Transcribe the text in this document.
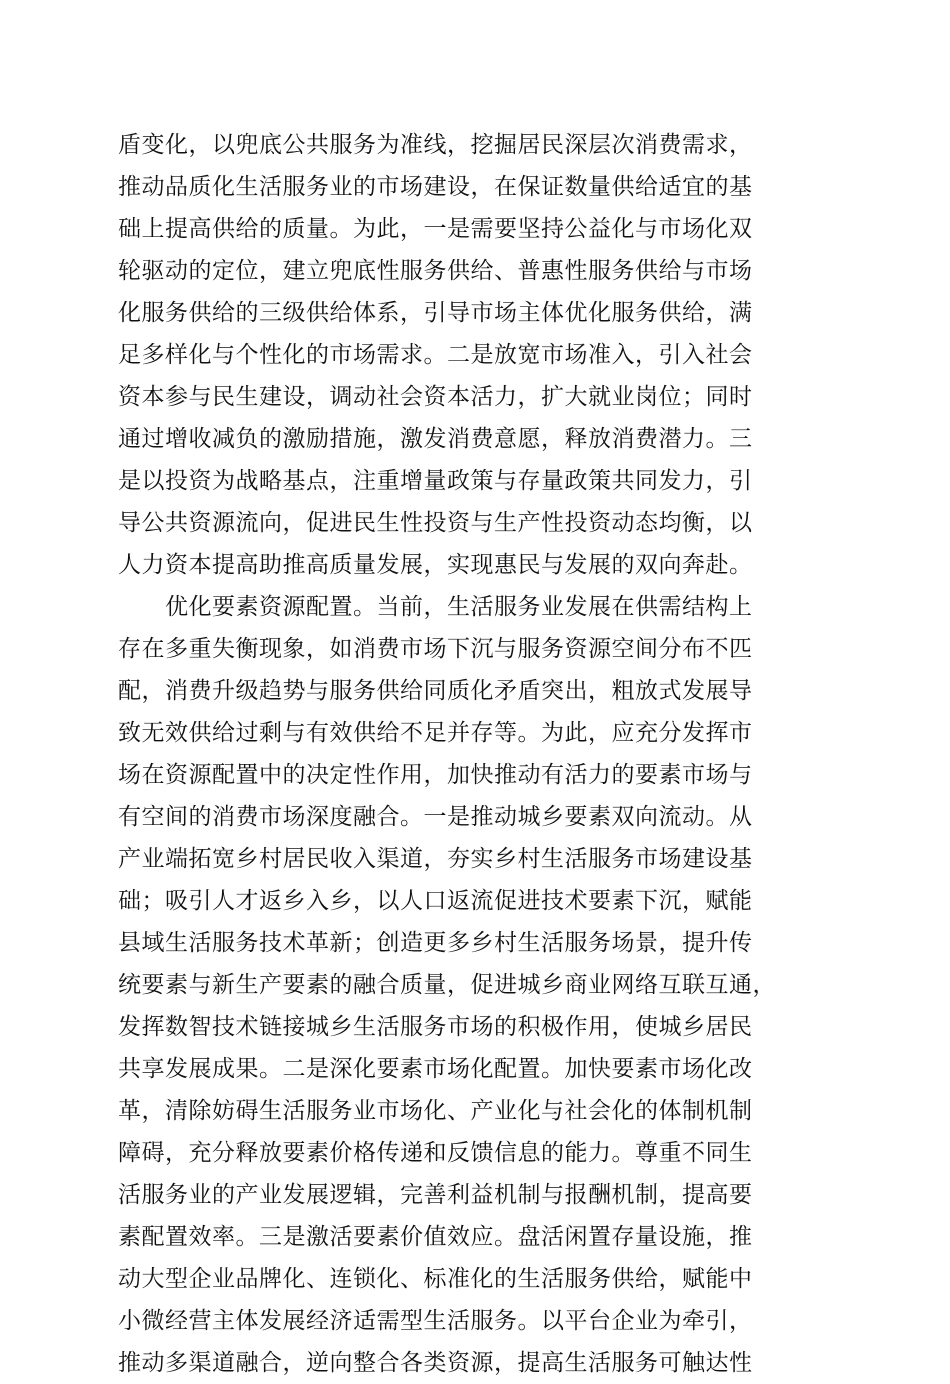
盾变化，以兜底公共服务为准线，挖掘居民深层次消费需求，
推动品质化生活服务业的市场建设，在保证数量供给适宜的基
础上提高供给的质量。为此，一是需要坚持公益化与市场化双
轮驱动的定位，建立兜底性服务供给、普惠性服务供给与市场
化服务供给的三级供给体系，引导市场主体优化服务供给，满
足多样化与个性化的市场需求。二是放宽市场准入，引入社会
资本参与民生建设，调动社会资本活力，扩大就业岗位；同时
通过增收减负的激励措施，激发消费意愿，释放消费潜力。三
是以投资为战略基点，注重增量政策与存量政策共同发力，引
导公共资源流向，促进民生性投资与生产性投资动态均衡，以
人力资本提高助推高质量发展，实现惠民与发展的双向奔赴。
　　优化要素资源配置。当前，生活服务业发展在供需结构上
存在多重失衡现象，如消费市场下沉与服务资源空间分布不匹
配，消费升级趋势与服务供给同质化矛盾突出，粗放式发展导
致无效供给过剩与有效供给不足并存等。为此，应充分发挥市
场在资源配置中的决定性作用，加快推动有活力的要素市场与
有空间的消费市场深度融合。一是推动城乡要素双向流动。从
产业端拓宽乡村居民收入渠道，夯实乡村生活服务市场建设基
础；吸引人才返乡入乡，以人口返流促进技术要素下沉，赋能
县域生活服务技术革新；创造更多乡村生活服务场景，提升传
统要素与新生产要素的融合质量，促进城乡商业网络互联互通，
发挥数智技术链接城乡生活服务市场的积极作用，使城乡居民
共享发展成果。二是深化要素市场化配置。加快要素市场化改
革，清除妨碍生活服务业市场化、产业化与社会化的体制机制
障碍，充分释放要素价格传递和反馈信息的能力。尊重不同生
活服务业的产业发展逻辑，完善利益机制与报酬机制，提高要
素配置效率。三是激活要素价值效应。盘活闲置存量设施，推
动大型企业品牌化、连锁化、标准化的生活服务供给，赋能中
小微经营主体发展经济适需型生活服务。以平台企业为牵引，
推动多渠道融合，逆向整合各类资源，提高生活服务可触达性
